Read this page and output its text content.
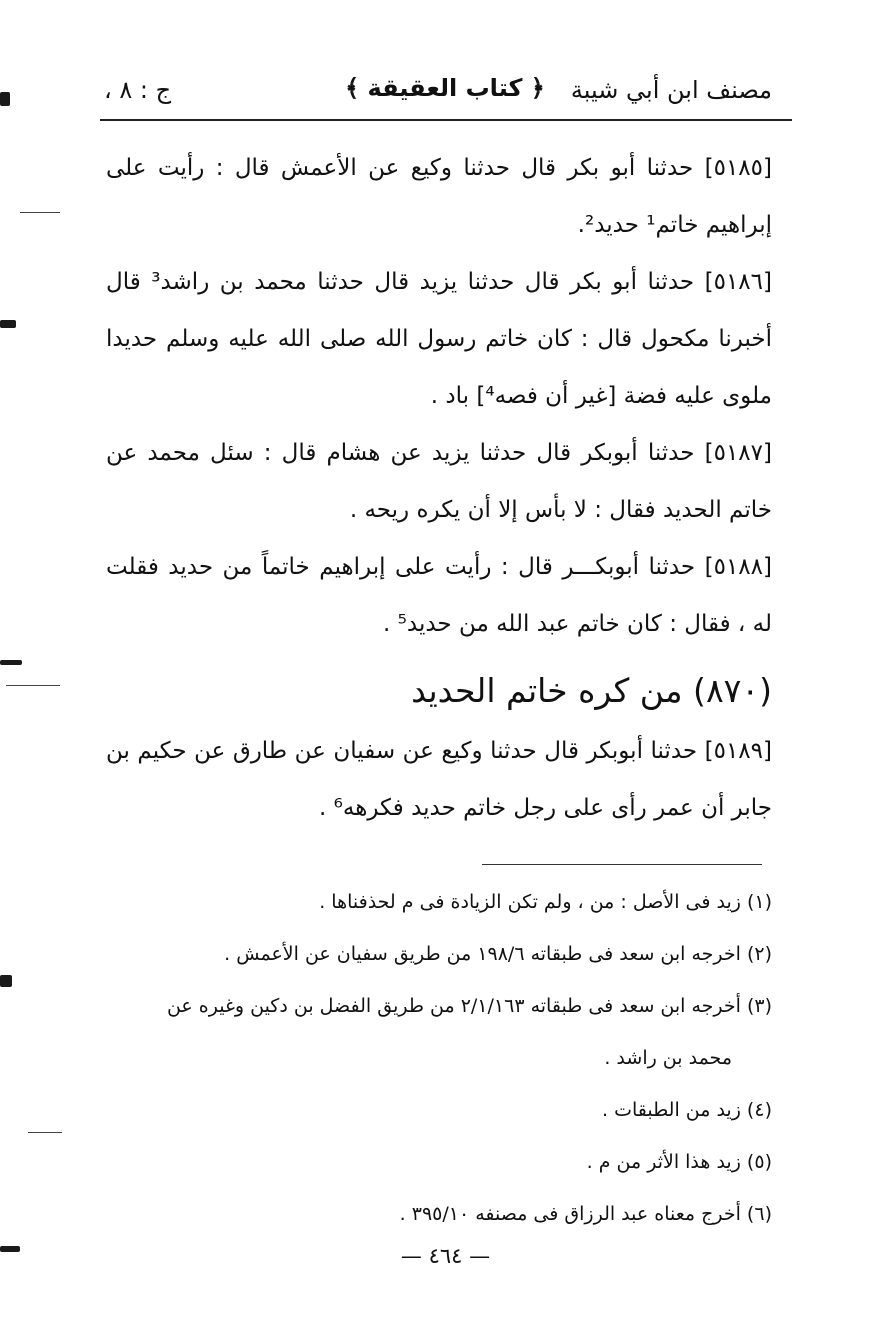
مصنف ابن أبي شيبة
﴿ كتاب العقيقة ﴾
ج : ٨ ،

[٥١٨٥] حدثنا أبو بكر قال حدثنا وكيع عن الأعمش قال : رأيت على إبراهيم خاتم¹ حديد².

[٥١٨٦] حدثنا أبو بكر قال حدثنا يزيد قال حدثنا محمد بن راشد³ قال أخبرنا مكحول قال : كان خاتم رسول الله صلى الله عليه وسلم حديدا ملوى عليه فضة [غير أن فصه⁴] باد .

[٥١٨٧] حدثنا أبوبكر قال حدثنا يزيد عن هشام قال : سئل محمد عن خاتم الحديد فقال : لا بأس إلا أن يكره ريحه .

[٥١٨٨] حدثنا أبوبكـــر قال : رأيت على إبراهيم خاتماً من حديد فقلت له ، فقال : كان خاتم عبد الله من حديد⁵ .

(٨٧٠) من كره خاتم الحديد

[٥١٨٩] حدثنا أبوبكر قال حدثنا وكيع عن سفيان عن طارق عن حكيم بن جابر أن عمر رأى على رجل خاتم حديد فكرهه⁶ .

(١) زيد فى الأصل : من ، ولم تكن الزيادة فى م لحذفناها .

(٢) اخرجه ابن سعد فى طبقاته ١٩٨/٦ من طريق سفيان عن الأعمش .

(٣) أخرجه ابن سعد فى طبقاته ٢/١/١٦٣ من طريق الفضل بن دكين وغيره عن

محمد بن راشد .

(٤) زيد من الطبقات .

(٥) زيد هذا الأثر من م .

(٦) أخرج معناه عبد الرزاق فى مصنفه ٣٩٥/١٠ .

— ٤٦٤ —
